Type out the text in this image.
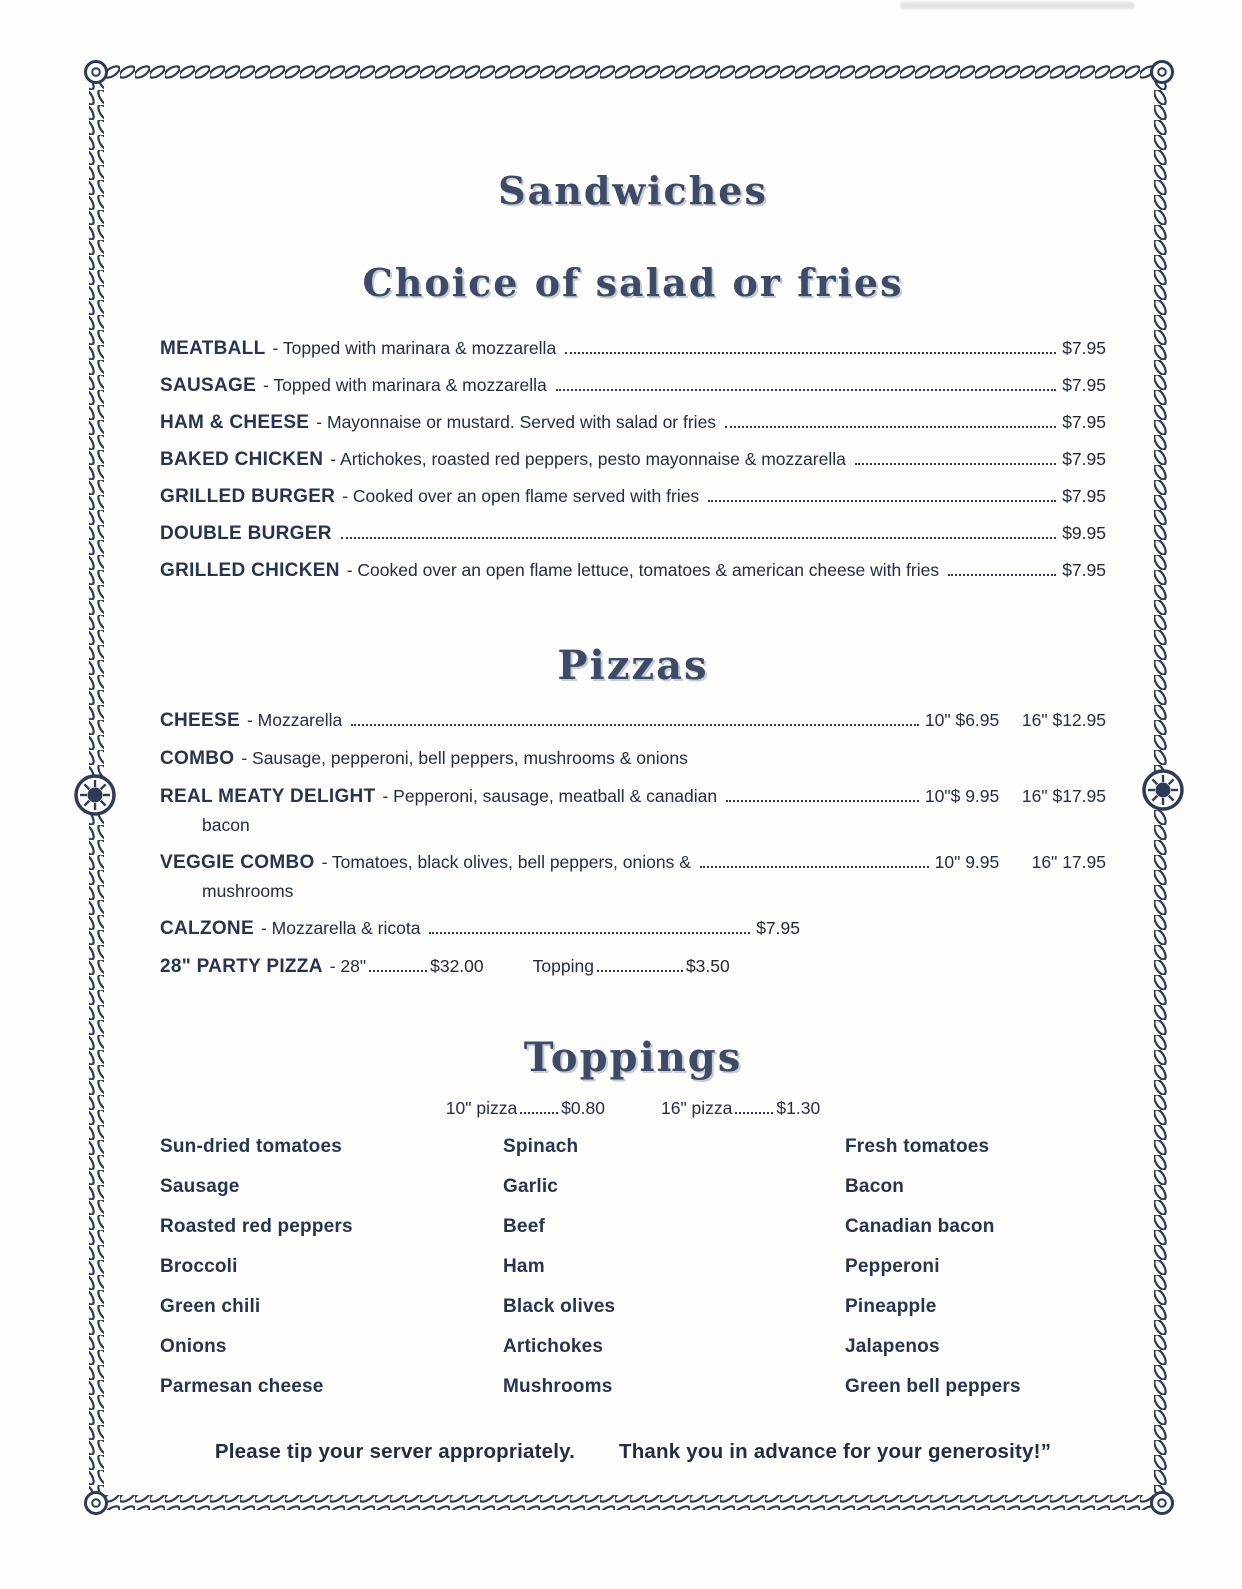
Sandwiches
Choice of salad or fries
MEATBALL - Topped with marinara & mozzarella	$7.95
SAUSAGE - Topped with marinara & mozzarella	$7.95
HAM & CHEESE - Mayonnaise or mustard. Served with salad or fries	$7.95
BAKED CHICKEN - Artichokes, roasted red peppers, pesto mayonnaise & mozzarella	$7.95
GRILLED BURGER - Cooked over an open flame served with fries	$7.95
DOUBLE BURGER	$9.95
GRILLED CHICKEN - Cooked over an open flame lettuce, tomatoes & american cheese with fries	$7.95
Pizzas
CHEESE - Mozzarella	10" $6.95	16" $12.95
COMBO - Sausage, pepperoni, bell peppers, mushrooms & onions
REAL MEATY DELIGHT - Pepperoni, sausage, meatball & canadian	10"$ 9.95	16" $17.95
bacon
VEGGIE COMBO - Tomatoes, black olives, bell peppers, onions &	10" 9.95	16" 17.95
mushrooms
CALZONE - Mozzarella & ricota	$7.95
28" PARTY PIZZA - 28"	$32.00	Topping	$3.50
Toppings
10" pizza	$0.80	16" pizza	$1.30
Sun-dried tomatoes
Sausage
Roasted red peppers
Broccoli
Green chili
Onions
Parmesan cheese
Spinach
Garlic
Beef
Ham
Black olives
Artichokes
Mushrooms
Fresh tomatoes
Bacon
Canadian bacon
Pepperoni
Pineapple
Jalapenos
Green bell peppers
Please tip your server appropriately. Thank you in advance for your generosity!”
